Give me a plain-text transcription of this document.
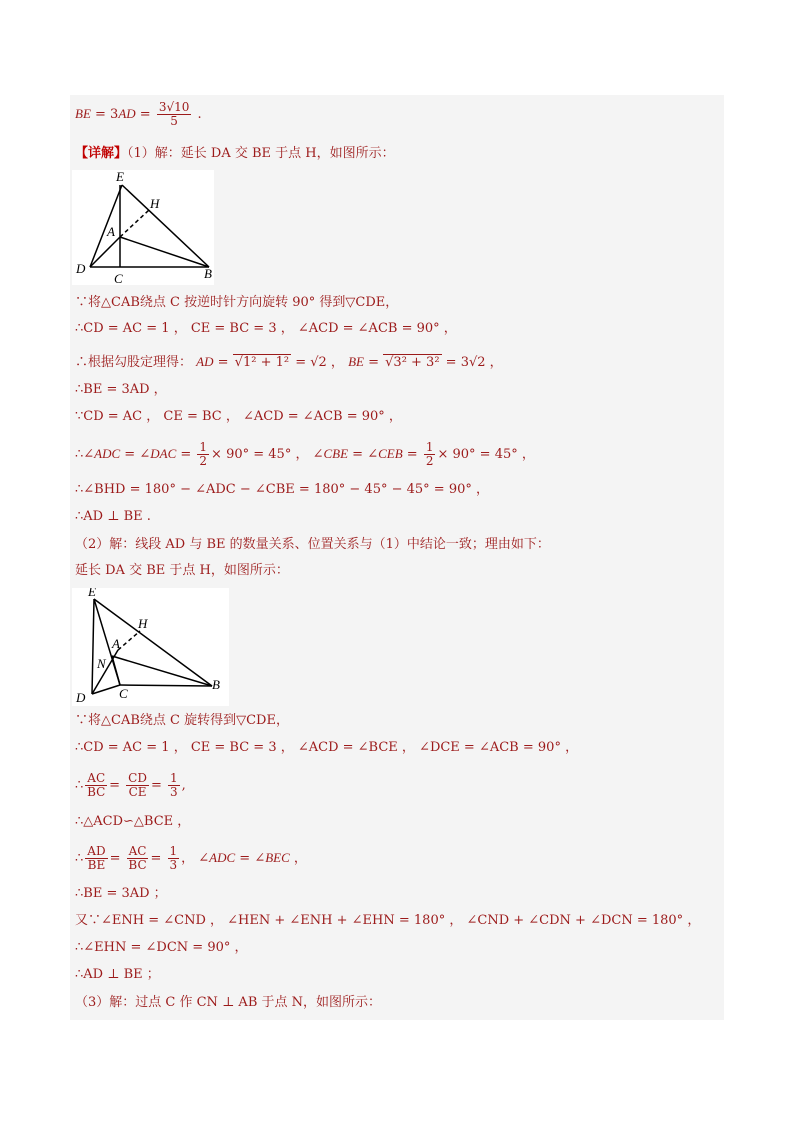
BE = $3AD = \frac{3√10}{5}$ .
【详解】（1）解：延长 DA 交 BE 于点 H，如图所示：
E
H
A
D
C	B
∵将△CAB绕点 C 按逆时针方向旋转 90° 得到▽CDE，
∴CD = AC = 1 ， CE = BC = 3 ， ∠ACD = ∠ACB = 90° ，
∴根据勾股定理得： AD = √1² + 1² = √2 ， BE = √3² + 3² = 3√2 ，
∴BE = 3AD ，
∵CD = AC ， CE = BC ， ∠ACD = ∠ACB = 90° ，
∴∠ADC = ∠DAC = $\frac{1}{2} \times 90^\circ = 45^\circ$ ， ∠CBE = ∠CEB = $\frac{1}{2} \times 90^\circ = 45^\circ$ ，
∴∠BHD = 180° − ∠ADC − ∠CBE = 180° − 45° − 45° = 90° ，
∴AD ⊥ BE .
（2）解：线段 AD 与 BE 的数量关系、位置关系与（1）中结论一致；理由如下：
延长 DA 交 BE 于点 H，如图所示：
E
H
A
N
D	C
B
∵将△CAB绕点 C 旋转得到▽CDE，
∴CD = AC = 1 ， CE = BC = 3 ， ∠ACD = ∠BCE ， ∠DCE = ∠ACB = 90° ，
∴ $\frac{AC}{BC} = \frac{CD}{CE} = \frac{1}{3}$ ,
∴△ACD∽△BCE ，
∴ $\frac{AD}{BE} = \frac{AC}{BC} = \frac{1}{3}$ ， ∠ADC = ∠BEC ，
∴BE = 3AD ；
又∵∠ENH = ∠CND ， ∠HEN + ∠ENH + ∠EHN = 180° ， ∠CND + ∠CDN + ∠DCN = 180° ，
∴∠EHN = ∠DCN = 90° ，
∴AD ⊥ BE ；
（3）解：过点 C 作 CN ⊥ AB 于点 N，如图所示：
